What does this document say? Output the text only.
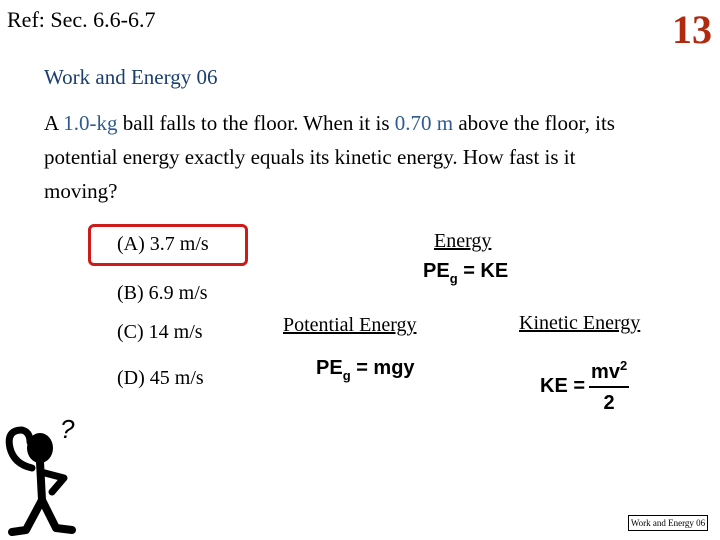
Ref: Sec. 6.6-6.7	13
Work and Energy 06
A 1.0-kg ball falls to the floor. When it is 0.70 m above the floor, its potential energy exactly equals its kinetic energy. How fast is it moving?
(A) 3.7 m/s
(B) 6.9 m/s
(C) 14 m/s
(D) 45 m/s
Energy
Potential Energy	Kinetic Energy
$PE_g$ = KE
$PE_g$ = mgy
KE = $\frac{mv^2}{2}$
?
Work and Energy 06
